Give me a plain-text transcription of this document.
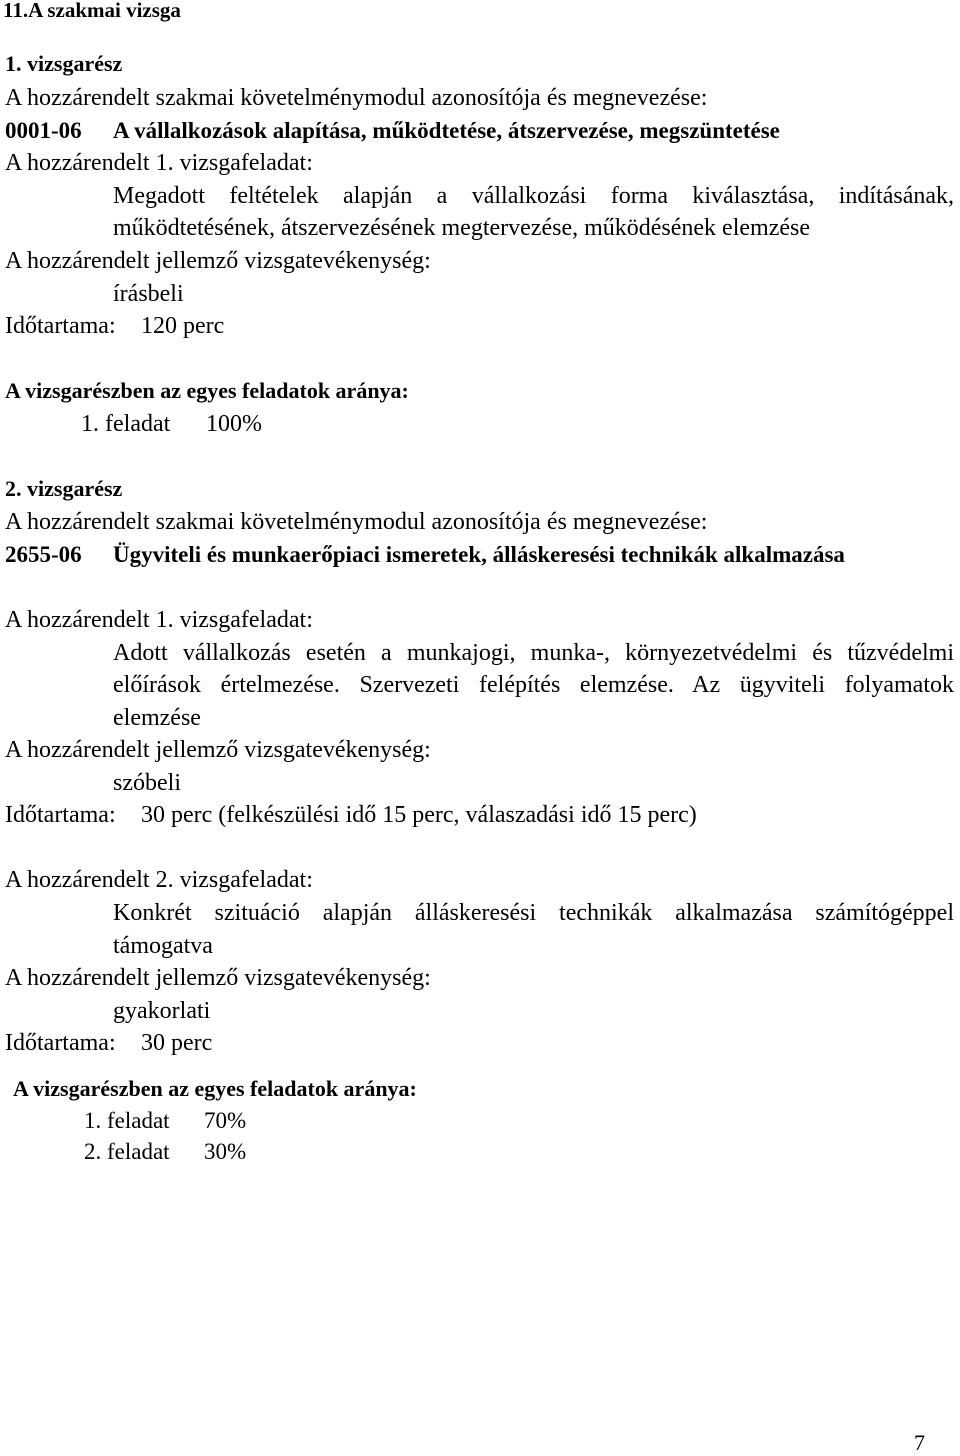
11.A szakmai vizsga
1. vizsgarész
A hozzárendelt szakmai követelménymodul azonosítója és megnevezése:
0001-06 A vállalkozások alapítása, működtetése, átszervezése, megszüntetése
A hozzárendelt 1. vizsgafeladat:
Megadott feltételek alapján a vállalkozási forma kiválasztása, indításának,
működtetésének, átszervezésének megtervezése, működésének elemzése
A hozzárendelt jellemző vizsgatevékenység:
írásbeli
Időtartama: 120 perc
A vizsgarészben az egyes feladatok aránya:
1. feladat 100%
2. vizsgarész
A hozzárendelt szakmai követelménymodul azonosítója és megnevezése:
2655-06 Ügyviteli és munkaerőpiaci ismeretek, álláskeresési technikák alkalmazása
A hozzárendelt 1. vizsgafeladat:
Adott vállalkozás esetén a munkajogi, munka-, környezetvédelmi és tűzvédelmi
előírások értelmezése. Szervezeti felépítés elemzése. Az ügyviteli folyamatok
elemzése
A hozzárendelt jellemző vizsgatevékenység:
szóbeli
Időtartama: 30 perc (felkészülési idő 15 perc, válaszadási idő 15 perc)
A hozzárendelt 2. vizsgafeladat:
Konkrét szituáció alapján álláskeresési technikák alkalmazása számítógéppel
támogatva
A hozzárendelt jellemző vizsgatevékenység:
gyakorlati
Időtartama: 30 perc
A vizsgarészben az egyes feladatok aránya:
1. feladat 70%
2. feladat 30%
7
